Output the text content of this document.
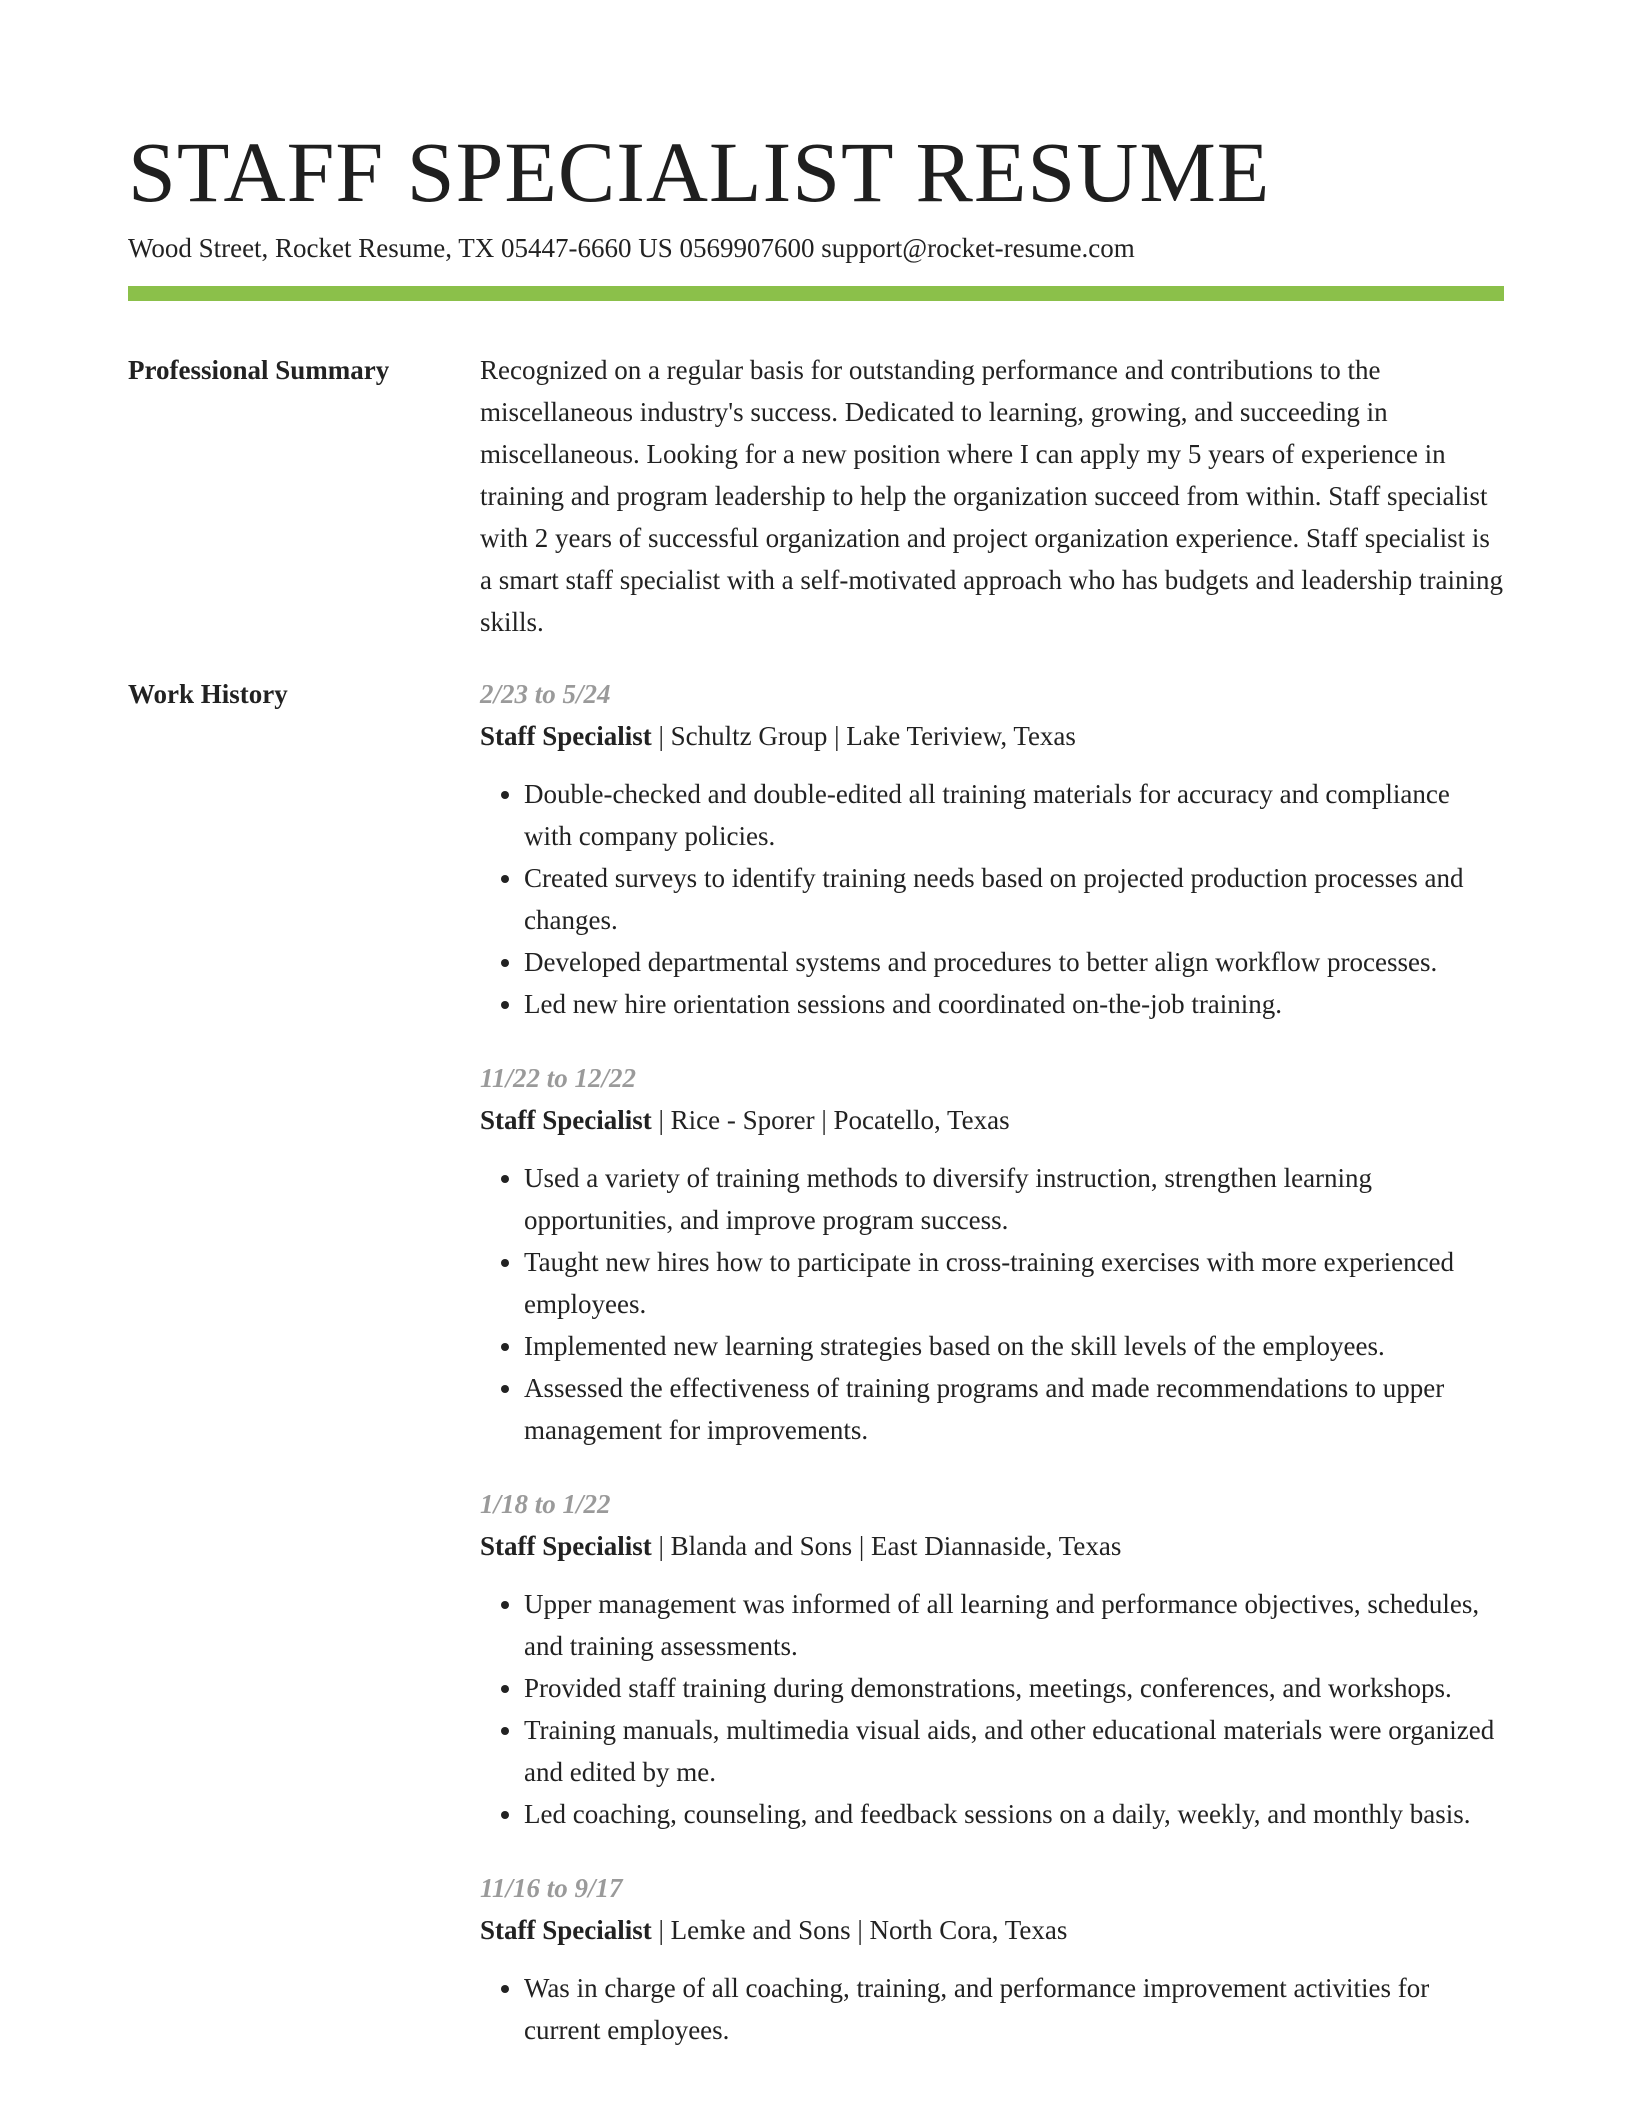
STAFF SPECIALIST RESUME
Wood Street, Rocket Resume, TX 05447-6660 US 0569907600 support@rocket-resume.com
Professional Summary	Recognized on a regular basis for outstanding performance and contributions to the miscellaneous industry's success. Dedicated to learning, growing, and succeeding in miscellaneous. Looking for a new position where I can apply my 5 years of experience in training and program leadership to help the organization succeed from within. Staff specialist with 2 years of successful organization and project organization experience. Staff specialist is a smart staff specialist with a self-motivated approach who has budgets and leadership training skills.

Work History	2/23 to 5/24
Staff Specialist | Schultz Group | Lake Teriview, Texas
• Double-checked and double-edited all training materials for accuracy and compliance with company policies.
• Created surveys to identify training needs based on projected production processes and changes.
• Developed departmental systems and procedures to better align workflow processes.
• Led new hire orientation sessions and coordinated on-the-job training.
11/22 to 12/22
Staff Specialist | Rice - Sporer | Pocatello, Texas
• Used a variety of training methods to diversify instruction, strengthen learning opportunities, and improve program success.
• Taught new hires how to participate in cross-training exercises with more experienced employees.
• Implemented new learning strategies based on the skill levels of the employees.
• Assessed the effectiveness of training programs and made recommendations to upper management for improvements.
1/18 to 1/22
Staff Specialist | Blanda and Sons | East Diannaside, Texas
• Upper management was informed of all learning and performance objectives, schedules, and training assessments.
• Provided staff training during demonstrations, meetings, conferences, and workshops.
• Training manuals, multimedia visual aids, and other educational materials were organized and edited by me.
• Led coaching, counseling, and feedback sessions on a daily, weekly, and monthly basis.
11/16 to 9/17
Staff Specialist | Lemke and Sons | North Cora, Texas
• Was in charge of all coaching, training, and performance improvement activities for current employees.
